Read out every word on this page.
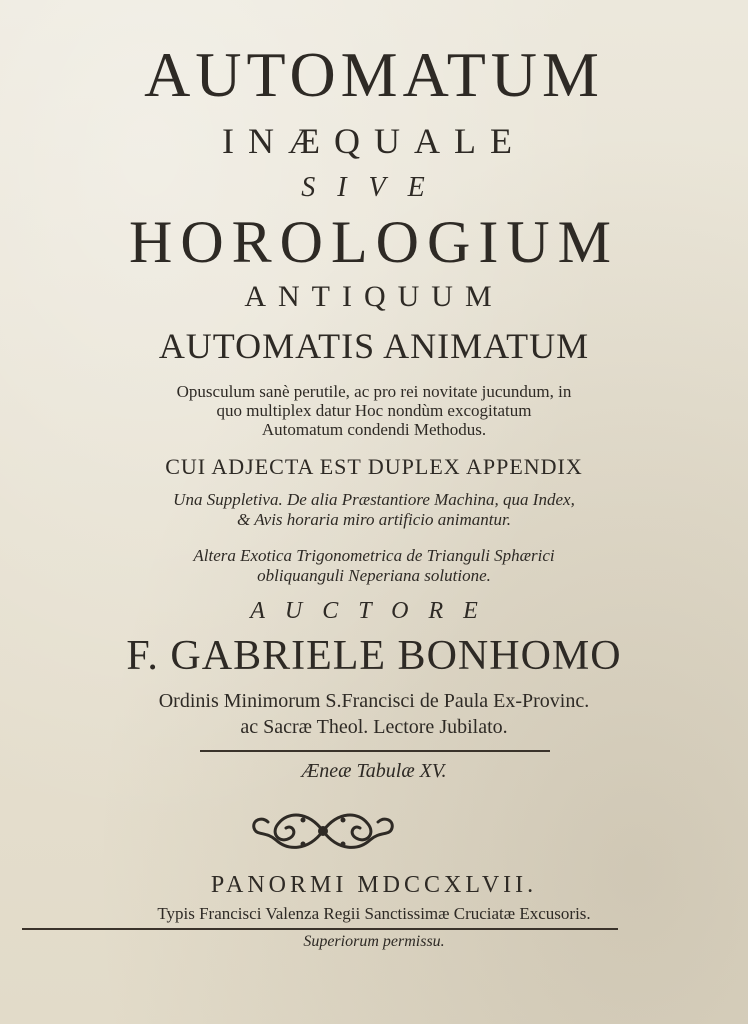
AUTOMATUM
INÆQUALE
SIVE
HOROLOGIUM
ANTIQUUM
AUTOMATIS ANIMATUM
Opusculum sanè perutile, ac pro rei novitate jucundum, in
quo multiplex datur Hoc nondùm excogitatum
Automatum condendi Methodus.
CUI ADJECTA EST DUPLEX APPENDIX
Una Suppletiva. De alia Præstantiore Machina, qua Index,
& Avis horaria miro artificio animantur.
Altera Exotica Trigonometrica de Trianguli Sphærici
obliquanguli Neperiana solutione.
AUCTORE
F. GABRIELE BONHOMO
Ordinis Minimorum S.Francisci de Paula Ex-Provinc.
ac Sacræ Theol. Lectore Jubilato.
Æneæ Tabulæ XV.
PANORMI MDCCXLVII.
Typis Francisci Valenza Regii Sanctissimæ Cruciatæ Excusoris.
Superiorum permissu.
